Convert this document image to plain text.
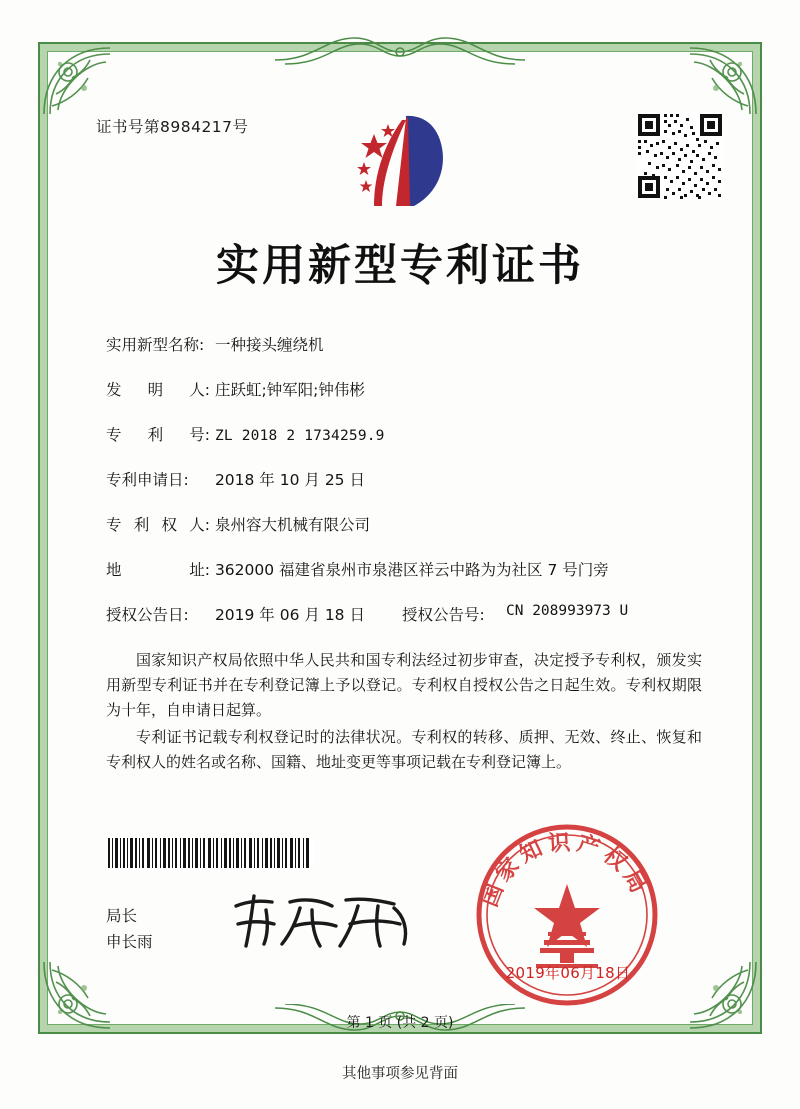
证书号第8984217号
实用新型专利证书
实用新型名称: 一种接头缠绕机
发 明 人: 庄跃虹;钟军阳;钟伟彬
专 利 号: ZL 2018 2 1734259.9
专利申请日: 2018 年 10 月 25 日
专 利 权 人: 泉州容大机械有限公司
地	址: 362000 福建省泉州市泉港区祥云中路为为社区 7 号门旁
授权公告日: 2019 年 06 月 18 日 授权公告号: CN 208993973 U
国家知识产权局依照中华人民共和国专利法经过初步审查，决定授予专利权，颁发实用新型专利证书并在专利登记簿上予以登记。专利权自授权公告之日起生效。专利权期限为十年，自申请日起算。
专利证书记载专利权登记时的法律状况。专利权的转移、质押、无效、终止、恢复和专利权人的姓名或名称、国籍、地址变更等事项记载在专利登记簿上。
局长
申长雨
国家知识产权局
2019年06月18日
第 1 页 (共 2 页)
其他事项参见背面
